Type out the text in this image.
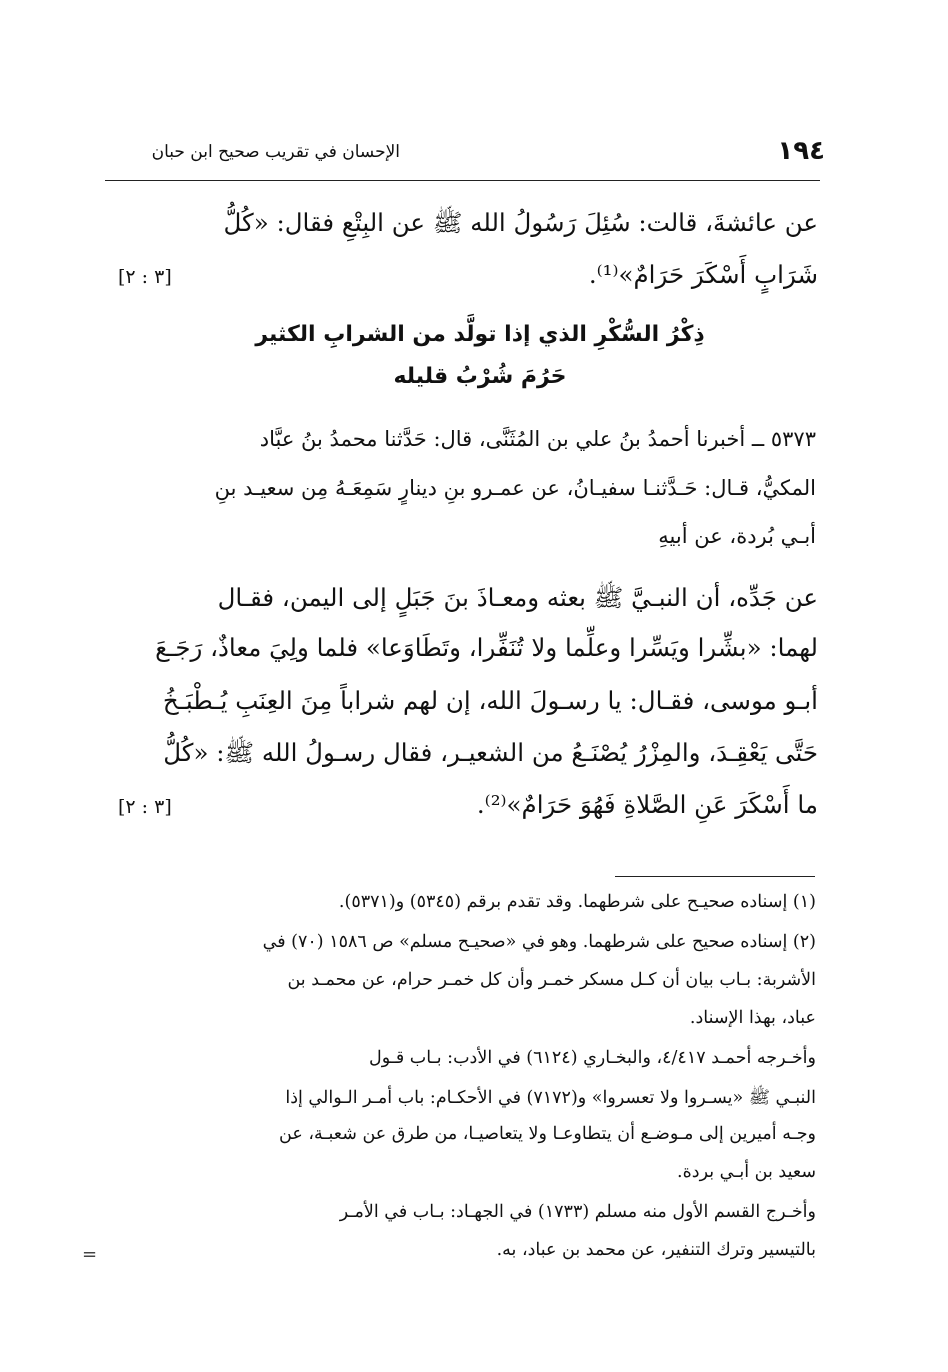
١٩٤
الإحسان في تقريب صحيح ابن حبان
عن عائشةَ، قالت: سُئِلَ رَسُولُ الله ﷺ عن البِتْعِ فقال: «كُلُّ
شَرَابٍ أَسْكَرَ حَرَامٌ»⁽¹⁾.
[٣ : ٢]
ذِكْرُ السُّكْرِ الذي إذا تولَّد من الشرابِ الكثير
حَرُمَ شُرْبُ قليله
٥٣٧٣ ــ أخبرنا أحمدُ بنُ علي بن المُثَنَّى، قال: حَدَّثنا محمدُ بنُ عبَّاد
المكيُّ، قـال: حَـدَّثنـا سفيـانُ، عن عمـرو بنِ دينارٍ سَمِعَـهُ مِن سعيـد بنِ
أبـي بُردة، عن أبيهِ
عن جَدِّه، أن النبـيَّ ﷺ بعثه ومعـاذَ بنَ جَبَلٍ إلى اليمن، فقـال
لهما: «بشِّرا ويَسِّرا وعلِّما ولا تُنَفِّرا، وتَطَاوَعا» فلما ولِيَ معاذٌ، رَجَـعَ
أبـو موسى، فقـال: يا رسـولَ الله، إن لهم شراباً مِنَ العِنَبِ يُـطْبَـخُ
حَتَّى يَعْقِـدَ، والمِزْرُ يُصْنَـعُ من الشعيـر، فقال رسـولُ الله ﷺ: «كُلُّ
ما أَسْكَرَ عَنِ الصَّلاةِ فَهُوَ حَرَامٌ»⁽²⁾.
[٣ : ٢]
(١) إسناده صحيـح على شرطهما. وقد تقدم برقم (٥٣٤٥) و(٥٣٧١).
(٢) إسناده صحيح على شرطهما. وهو في «صحيـح مسلم» ص ١٥٨٦ (٧٠) في
الأشربة: بـاب بيان أن كـل مسكر خمـر وأن كل خمـر حرام، عن محمـد بن
عباد، بهذا الإسناد.
وأخـرجه أحمـد ٤/٤١٧، والبخـاري (٦١٢٤) في الأدب: بـاب قـول
النبـي ﷺ «يسـروا ولا تعسروا» و(٧١٧٢) في الأحكـام: باب أمـر الـوالي إذا
وجـه أميرين إلى مـوضـع أن يتطاوعـا ولا يتعاصيـا، من طرق عن شعبـة، عن
سعيد بن أبـي بردة.
وأخـرج القسم الأول منه مسلم (١٧٣٣) في الجهـاد: بـاب في الأمـر
بالتيسير وترك التنفير، عن محمد بن عباد، به.
=
